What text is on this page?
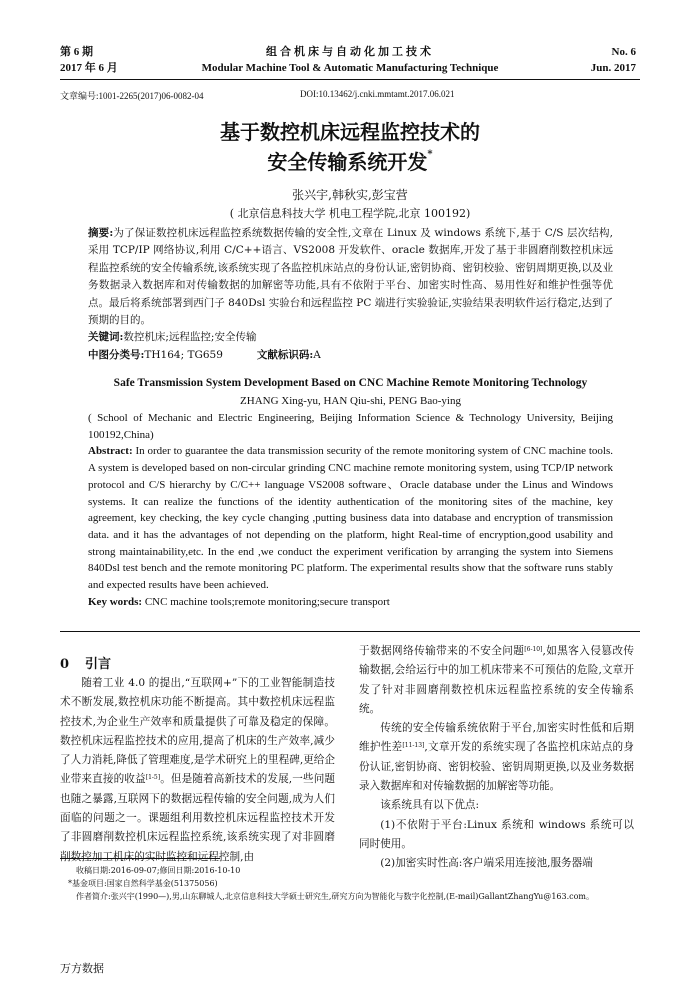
第 6 期
2017 年 6 月
组合机床与自动化加工技术
Modular Machine Tool & Automatic Manufacturing Technique
No. 6
Jun. 2017
文章编号:1001-2265(2017)06-0082-04	DOI:10.13462/j.cnki.mmtamt.2017.06.021
基于数控机床远程监控技术的
安全传输系统开发*
张兴宇,韩秋实,彭宝营
( 北京信息科技大学 机电工程学院,北京 100192)
摘要:为了保证数控机床远程监控系统数据传输的安全性,文章在 Linux 及 windows 系统下,基于 C/S 层次结构,采用 TCP/IP 网络协议,利用 C/C++语言、VS2008 开发软件、oracle 数据库,开发了基于非圆磨削数控机床远程监控系统的安全传输系统,该系统实现了各监控机床站点的身份认证,密钥协商、密钥校验、密钥周期更换,以及业务数据录入数据库和对传输数据的加解密等功能,具有不依附于平台、加密实时性高、易用性好和维护性强等优点。最后将系统部署到西门子 840Dsl 实验台和远程监控 PC 端进行实验验证,实验结果表明软件运行稳定,达到了预期的目的。
关键词:数控机床;远程监控;安全传输
中图分类号:TH164; TG659	文献标识码:A
Safe Transmission System Development Based on CNC Machine Remote Monitoring Technology
ZHANG Xing-yu, HAN Qiu-shi, PENG Bao-ying
( School of Mechanic and Electric Engineering, Beijing Information Science & Technology University, Beijing 100192,China)
Abstract: In order to guarantee the data transmission security of the remote monitoring system of CNC machine tools. A system is developed based on non-circular grinding CNC machine remote monitoring system, using TCP/IP network protocol and C/S hierarchy by C/C++ language VS2008 software、Oracle database under the Linus and Windows systems. It can realize the functions of the identity authentication of the monitoring sites of the machine, key agreement, key checking, the key cycle changing ,putting business data into database and encryption of transmission data. and it has the advantages of not depending on the platform, hight Real-time of encryption,good usability and strong maintainability,etc. In the end ,we conduct the experiment verification by arranging the system into Siemens 840Dsl test bench and the remote monitoring PC platform. The experimental results show that the software runs stably and expected results have been achieved.
Key words: CNC machine tools;remote monitoring;secure transport
0 引言

随着工业 4.0 的提出,“互联网+”下的工业智能制造技术不断发展,数控机床功能不断提高。其中数控机床远程监控技术,为企业生产效率和质量提供了可靠及稳定的保障。数控机床远程监控技术的应用,提高了机床的生产效率,减少了人力消耗,降低了管理难度,是学术研究上的里程碑,更给企业带来直接的收益[1-5]。但是随着高新技术的发展,一些问题也随之暴露,互联网下的数据远程传输的安全问题,成为人们面临的问题之一。课题组利用数控机床远程监控技术开发了非圆磨削数控机床远程监控系统,该系统实现了对非圆磨削数控加工机床的实时监控和远程控制,由

于数据网络传输带来的不安全问题[6-10],如黑客入侵篡改传输数据,会给运行中的加工机床带来不可预估的危险,文章开发了针对非圆磨削数控机床远程监控系统的安全传输系统。

传统的安全传输系统依附于平台,加密实时性低和后期维护性差[11-13],文章开发的系统实现了各监控机床站点的身份认证,密钥协商、密钥校验、密钥周期更换,以及业务数据录入数据库和对传输数据的加解密等功能。

该系统具有以下优点:

(1)不依附于平台:Linux 系统和 windows 系统可以同时使用。

(2)加密实时性高:客户端采用连接池,服务器端

收稿日期:2016-09-07;修回日期:2016-10-10
*基金项目:国家自然科学基金(51375056)
作者简介:张兴宇(1990—),男,山东聊城人,北京信息科技大学硕士研究生,研究方向为智能化与数字化控制,(E-mail)GallantZhangYu@163.com。
万方数据
